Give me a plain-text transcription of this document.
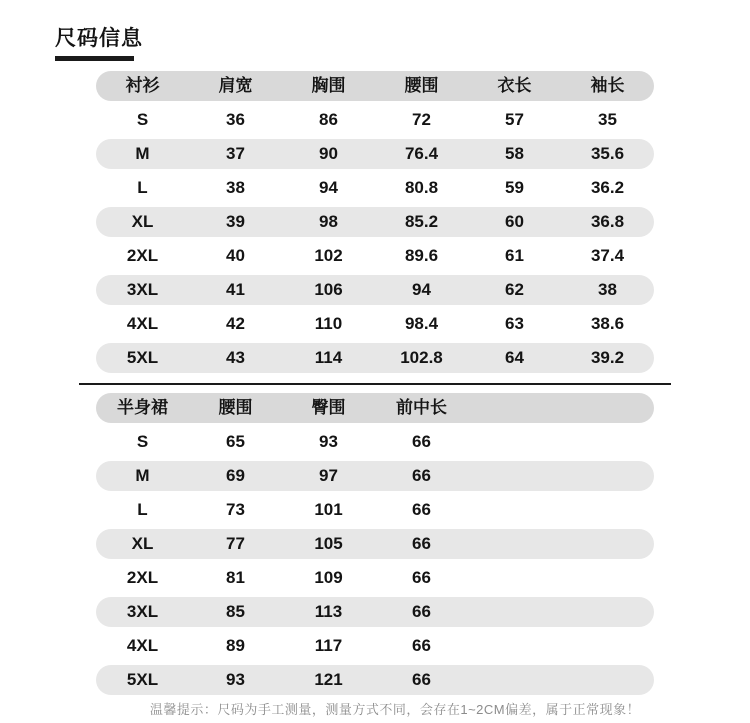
尺码信息
衬衫	肩宽	胸围	腰围	衣长	袖长
S	36	86	72	57	35
M	37	90	76.4	58	35.6
L	38	94	80.8	59	36.2
XL	39	98	85.2	60	36.8
2XL	40	102	89.6	61	37.4
3XL	41	106	94	62	38
4XL	42	110	98.4	63	38.6
5XL	43	114	102.8	64	39.2
半身裙	腰围	臀围	前中长
S	65	93	66
M	69	97	66
L	73	101	66
XL	77	105	66
2XL	81	109	66
3XL	85	113	66
4XL	89	117	66
5XL	93	121	66
温馨提示：尺码为手工测量，测量方式不同，会存在1~2CM偏差，属于正常现象！
